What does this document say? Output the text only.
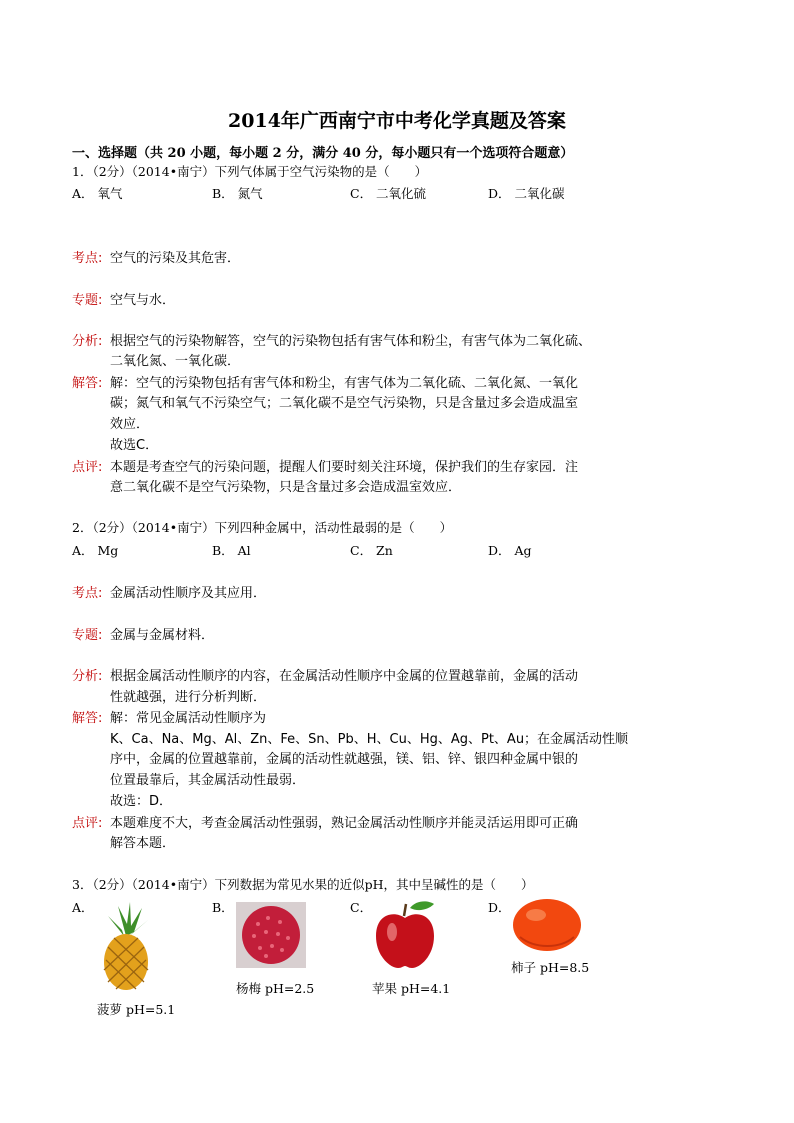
2014年广西南宁市中考化学真题及答案
一、选择题（共 20 小题，每小题 2 分，满分 40 分，每小题只有一个选项符合题意）
1．（2分）（2014•南宁）下列气体属于空气污染物的是（　　）
A． 氧气	B． 氮气	C． 二氧化硫	D． 二氧化碳
考点: 空气的污染及其危害．
专题: 空气与水．
分析: 根据空气的污染物解答，空气的污染物包括有害气体和粉尘，有害气体为二氧化硫、
二氧化氮、一氧化碳．
解答: 解：空气的污染物包括有害气体和粉尘，有害气体为二氧化硫、二氧化氮、一氧化
碳；氮气和氧气不污染空气；二氧化碳不是空气污染物，只是含量过多会造成温室
效应．
故选C．
点评: 本题是考查空气的污染问题，提醒人们要时刻关注环境，保护我们的生存家园．注
意二氧化碳不是空气污染物，只是含量过多会造成温室效应．
2．（2分）（2014•南宁）下列四种金属中，活动性最弱的是（　　）
A． Mg	B． Al	C． Zn	D． Ag
考点: 金属活动性顺序及其应用．
专题: 金属与金属材料．
分析: 根据金属活动性顺序的内容，在金属活动性顺序中金属的位置越靠前，金属的活动
性就越强，进行分析判断．
解答: 解：常见金属活动性顺序为
K、Ca、Na、Mg、Al、Zn、Fe、Sn、Pb、H、Cu、Hg、Ag、Pt、Au；在金属活动性顺
序中，金属的位置越靠前，金属的活动性就越强，镁、铝、锌、银四种金属中银的
位置最靠后，其金属活动性最弱．
故选：D．
点评: 本题难度不大，考查金属活动性强弱，熟记金属活动性顺序并能灵活运用即可正确
解答本题．
3．（2分）（2014•南宁）下列数据为常见水果的近似pH，其中呈碱性的是（　　）
A．	B．	C．	D．
菠萝 pH=5.1
杨梅 pH=2.5	苹果 pH=4.1
柿子 pH=8.5
